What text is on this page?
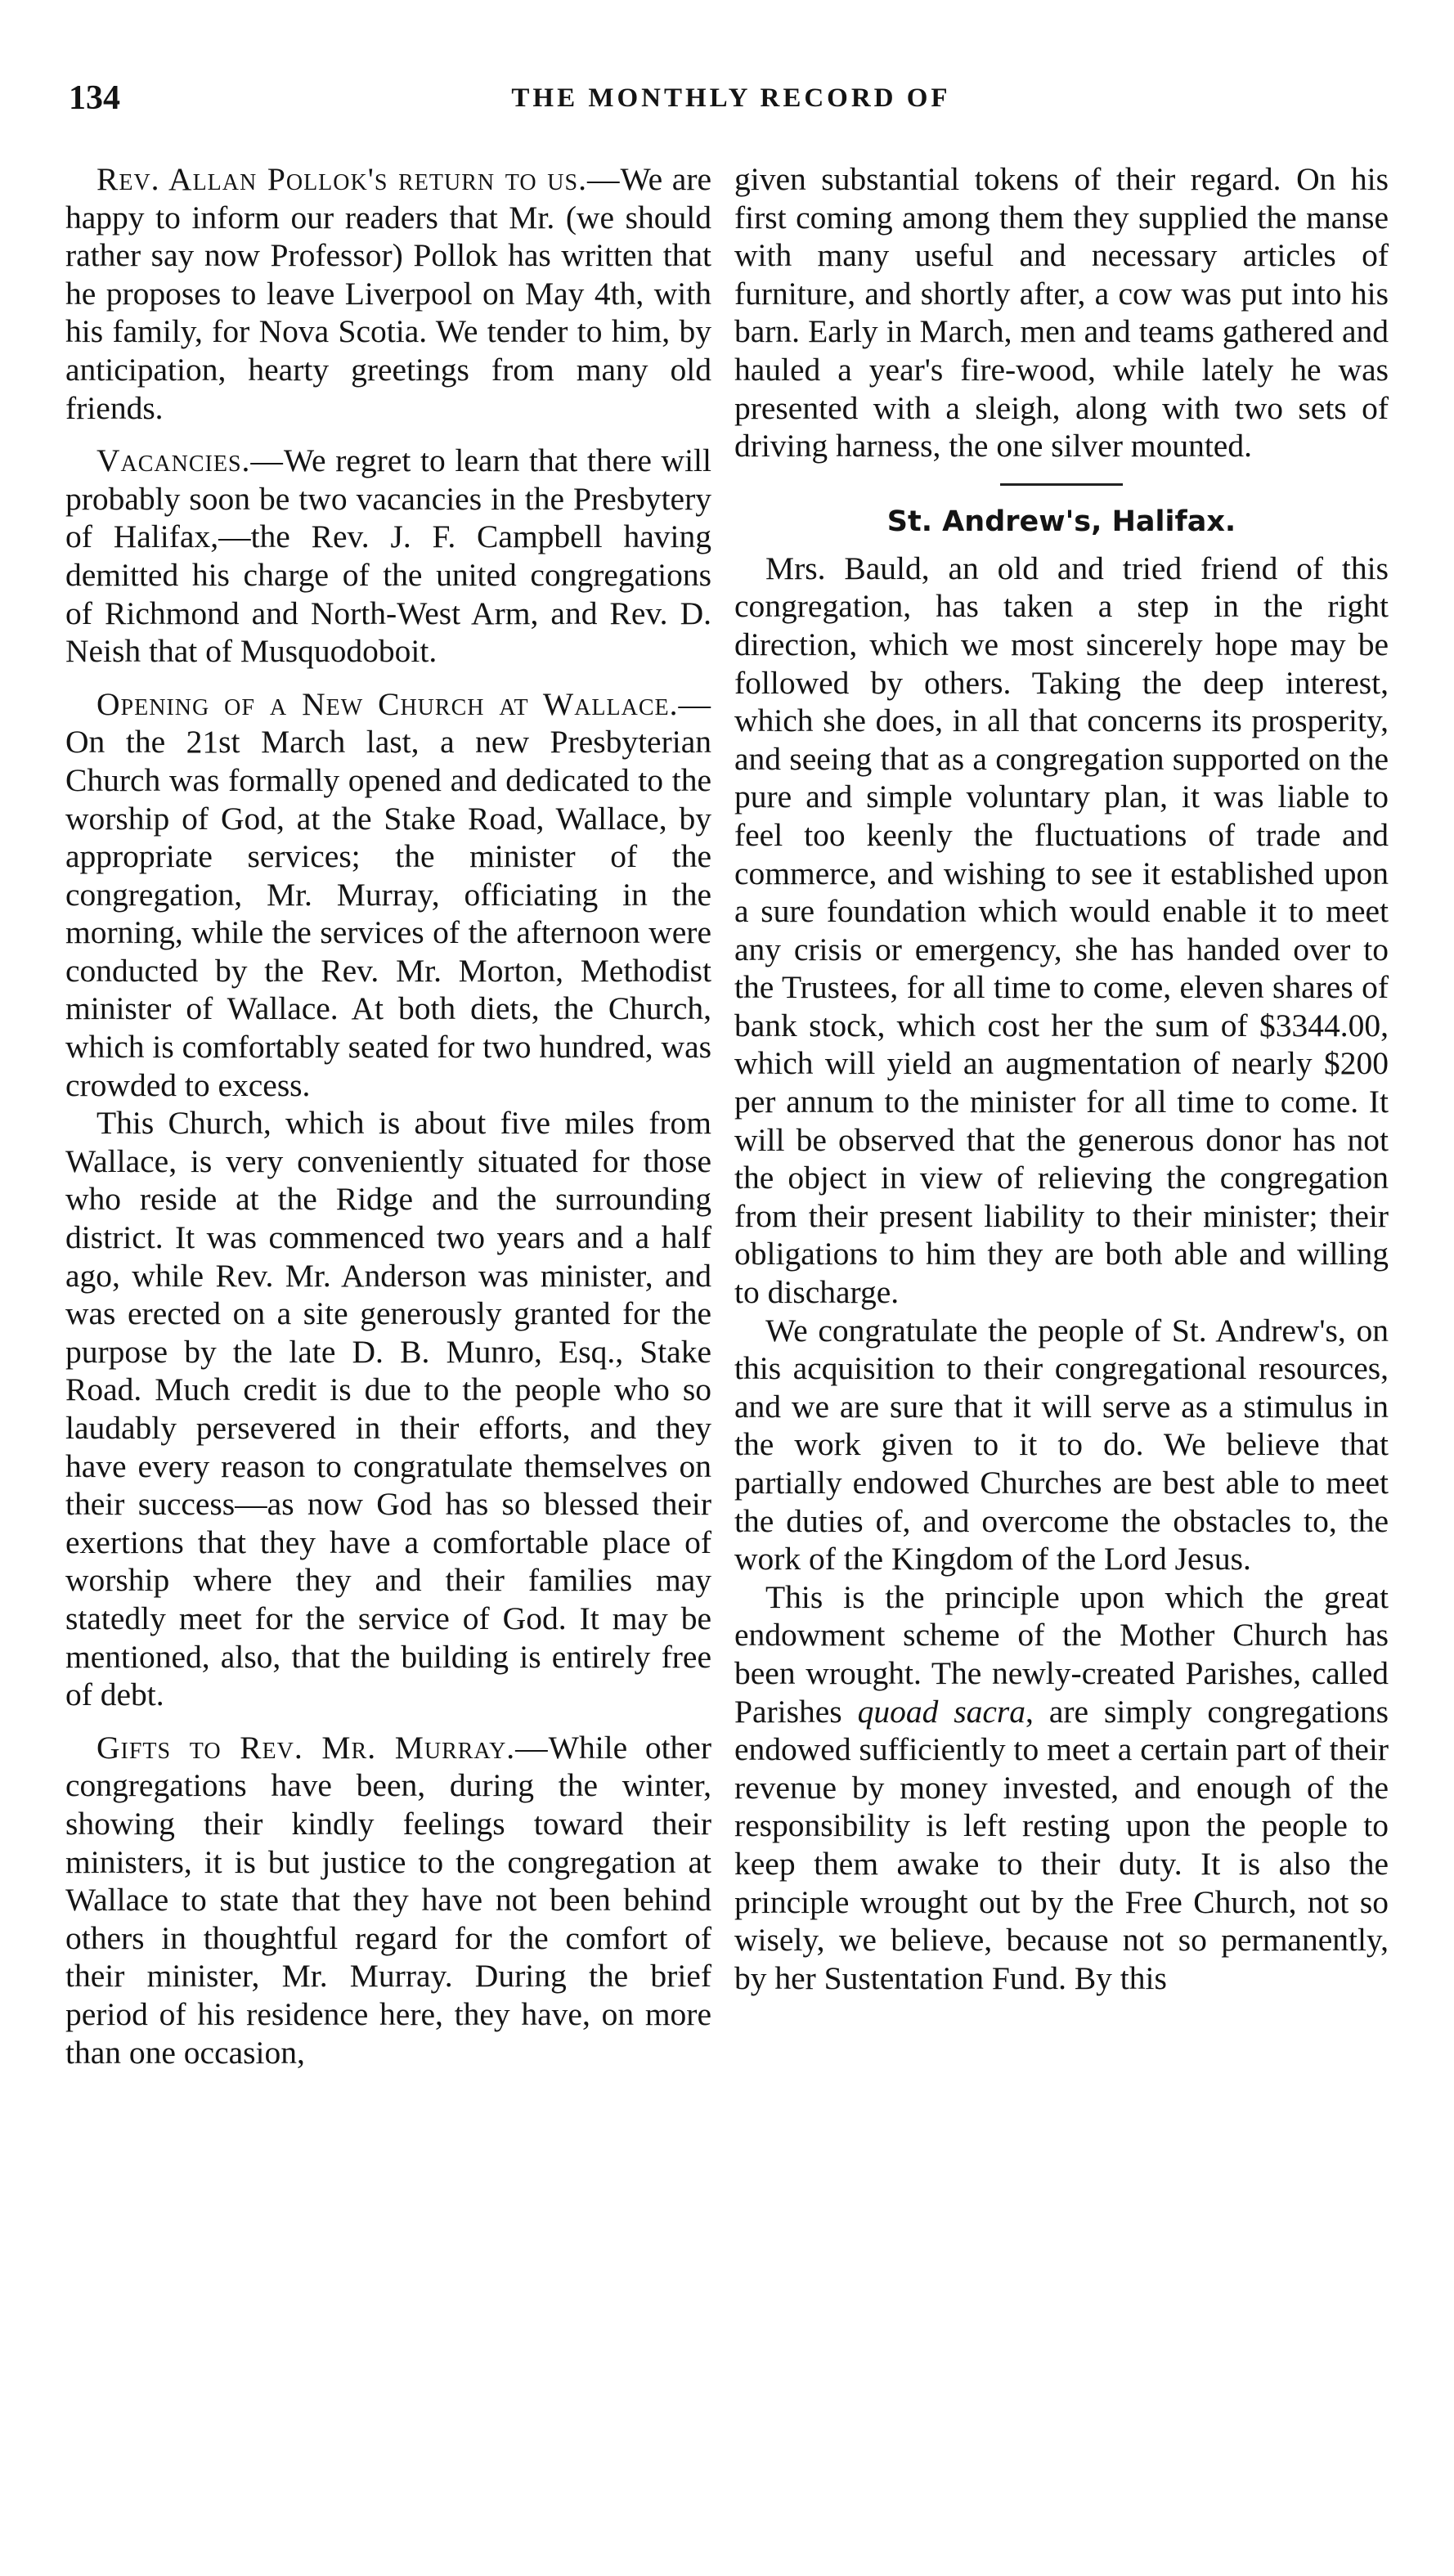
134	THE MONTHLY RECORD OF

Rev. Allan Pollok's return to us.—We are happy to inform our readers that Mr. (we should rather say now Professor) Pollok has written that he proposes to leave Liverpool on May 4th, with his family, for Nova Scotia. We tender to him, by anticipation, hearty greetings from many old friends.

Vacancies.—We regret to learn that there will probably soon be two vacancies in the Presbytery of Halifax,—the Rev. J. F. Campbell having demitted his charge of the united congregations of Richmond and North-West Arm, and Rev. D. Neish that of Musquodoboit.

Opening of a New Church at Wallace.—On the 21st March last, a new Presbyterian Church was formally opened and dedicated to the worship of God, at the Stake Road, Wallace, by appropriate services; the minister of the congregation, Mr. Murray, officiating in the morning, while the services of the afternoon were conducted by the Rev. Mr. Morton, Methodist minister of Wallace. At both diets, the Church, which is comfortably seated for two hundred, was crowded to excess.

This Church, which is about five miles from Wallace, is very conveniently situated for those who reside at the Ridge and the surrounding district. It was commenced two years and a half ago, while Rev. Mr. Anderson was minister, and was erected on a site generously granted for the purpose by the late D. B. Munro, Esq., Stake Road. Much credit is due to the people who so laudably persevered in their efforts, and they have every reason to congratulate themselves on their success—as now God has so blessed their exertions that they have a comfortable place of worship where they and their families may statedly meet for the service of God. It may be mentioned, also, that the building is entirely free of debt.

Gifts to Rev. Mr. Murray.—While other congregations have been, during the winter, showing their kindly feelings toward their ministers, it is but justice to the congregation at Wallace to state that they have not been behind others in thoughtful regard for the comfort of their minister, Mr. Murray. During the brief period of his residence here, they have, on more than one occasion,

given substantial tokens of their regard. On his first coming among them they supplied the manse with many useful and necessary articles of furniture, and shortly after, a cow was put into his barn. Early in March, men and teams gathered and hauled a year's fire-wood, while lately he was presented with a sleigh, along with two sets of driving harness, the one silver mounted.

St. Andrew's, Halifax.

Mrs. Bauld, an old and tried friend of this congregation, has taken a step in the right direction, which we most sincerely hope may be followed by others. Taking the deep interest, which she does, in all that concerns its prosperity, and seeing that as a congregation supported on the pure and simple voluntary plan, it was liable to feel too keenly the fluctuations of trade and commerce, and wishing to see it established upon a sure foundation which would enable it to meet any crisis or emergency, she has handed over to the Trustees, for all time to come, eleven shares of bank stock, which cost her the sum of $3344.00, which will yield an augmentation of nearly $200 per annum to the minister for all time to come. It will be observed that the generous donor has not the object in view of relieving the congregation from their present liability to their minister; their obligations to him they are both able and willing to discharge.

We congratulate the people of St. Andrew's, on this acquisition to their congregational resources, and we are sure that it will serve as a stimulus in the work given to it to do. We believe that partially endowed Churches are best able to meet the duties of, and overcome the obstacles to, the work of the Kingdom of the Lord Jesus.

This is the principle upon which the great endowment scheme of the Mother Church has been wrought. The newly-created Parishes, called Parishes quoad sacra, are simply congregations endowed sufficiently to meet a certain part of their revenue by money invested, and enough of the responsibility is left resting upon the people to keep them awake to their duty. It is also the principle wrought out by the Free Church, not so wisely, we believe, because not so permanently, by her Sustentation Fund. By this
